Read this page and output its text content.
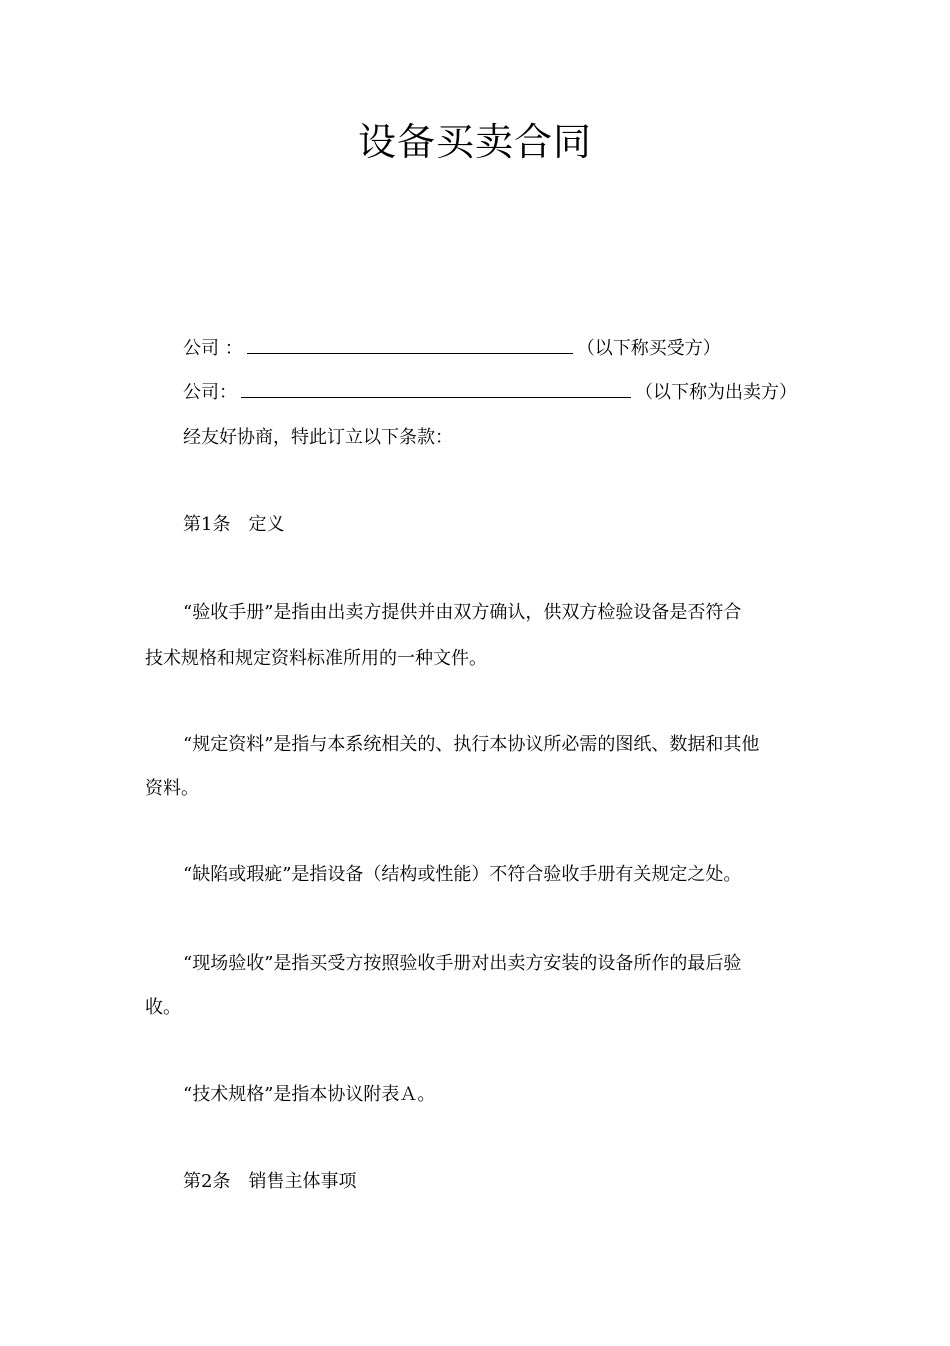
设备买卖合同
公司 ：	（以下称买受方）
公司：	（以下称为出卖方）
经友好协商，特此订立以下条款：
第1条 定义
“验收手册”是指由出卖方提供并由双方确认，供双方检验设备是否符合
技术规格和规定资料标准所用的一种文件。
“规定资料”是指与本系统相关的、执行本协议所必需的图纸、数据和其他
资料。
“缺陷或瑕疵”是指设备（结构或性能）不符合验收手册有关规定之处。
“现场验收”是指买受方按照验收手册对出卖方安装的设备所作的最后验
收。
“技术规格”是指本协议附表Ａ。
第2条 销售主体事项
